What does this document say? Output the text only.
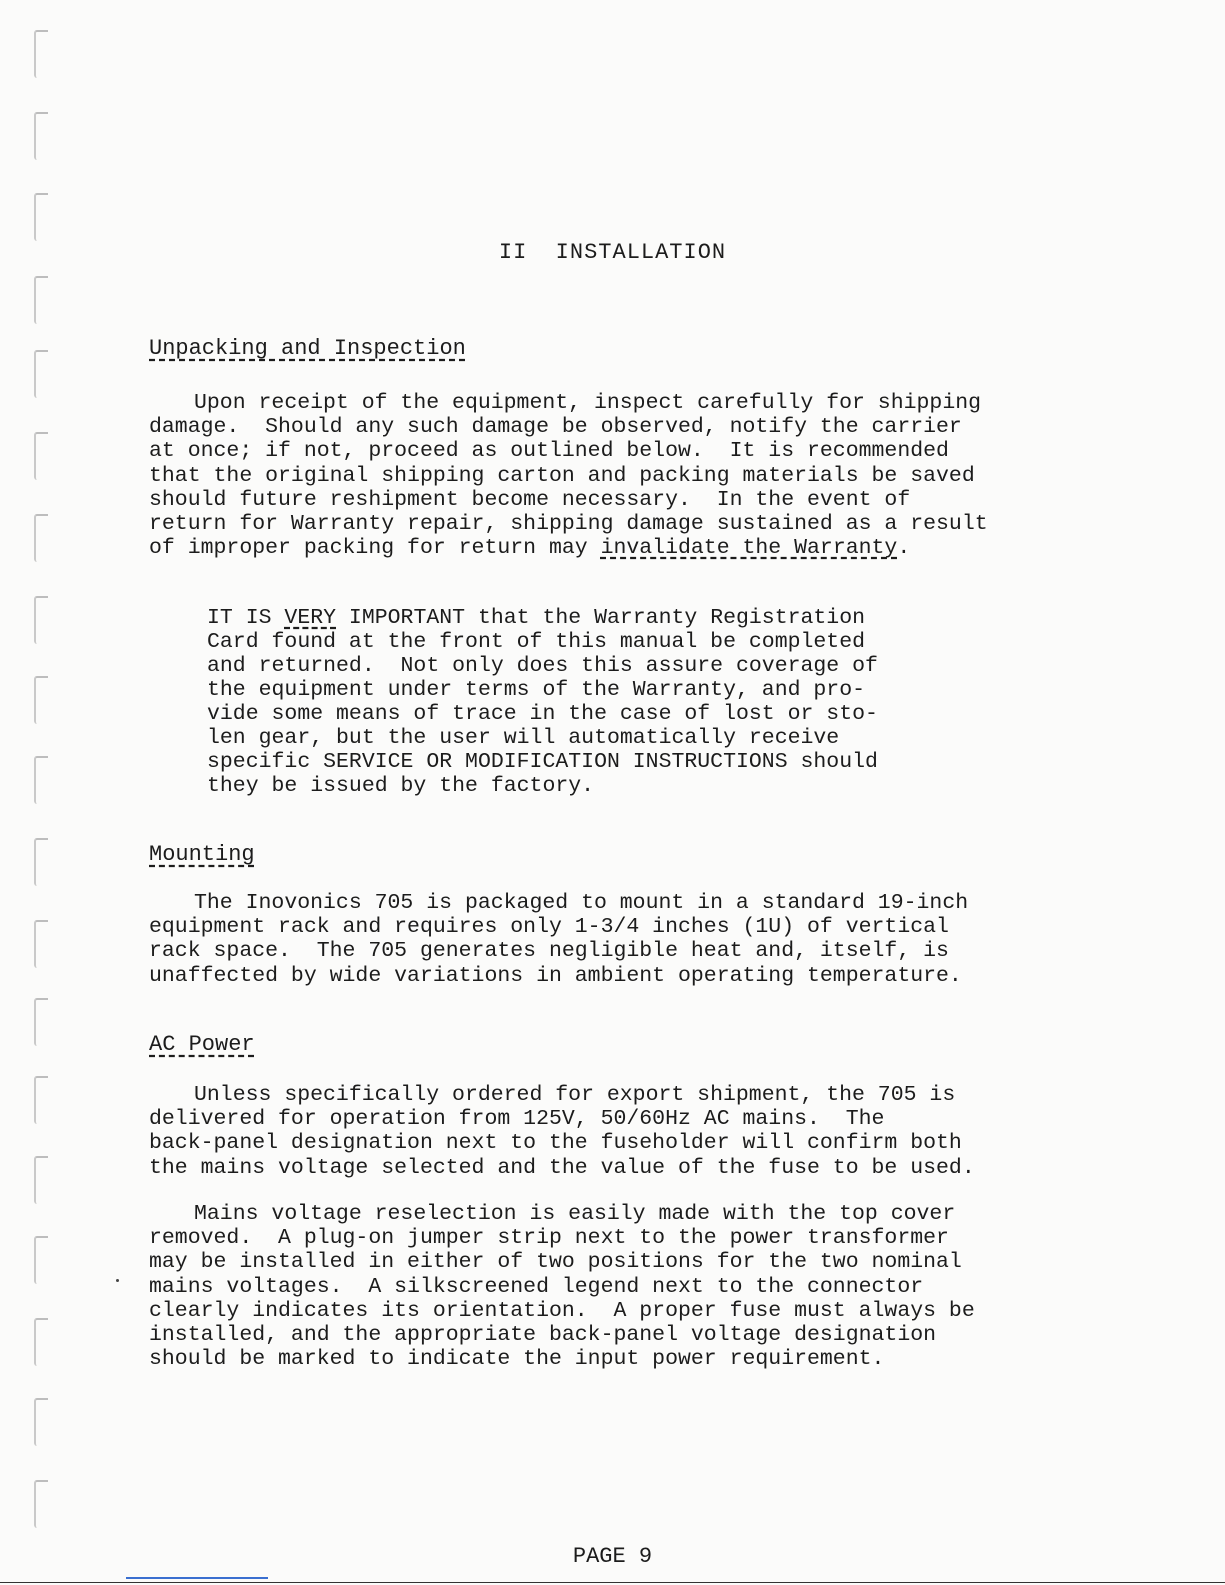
II  INSTALLATION
Unpacking and Inspection
Upon receipt of the equipment, inspect carefully for shipping
damage.  Should any such damage be observed, notify the carrier
at once; if not, proceed as outlined below.  It is recommended
that the original shipping carton and packing materials be saved
should future reshipment become necessary.  In the event of
return for Warranty repair, shipping damage sustained as a result
of improper packing for return may invalidate the Warranty.
IT IS VERY IMPORTANT that the Warranty Registration
Card found at the front of this manual be completed
and returned.  Not only does this assure coverage of
the equipment under terms of the Warranty, and pro-
vide some means of trace in the case of lost or sto-
len gear, but the user will automatically receive
specific SERVICE OR MODIFICATION INSTRUCTIONS should
they be issued by the factory.
Mounting
The Inovonics 705 is packaged to mount in a standard 19-inch
equipment rack and requires only 1-3/4 inches (1U) of vertical
rack space.  The 705 generates negligible heat and, itself, is
unaffected by wide variations in ambient operating temperature.
AC Power
Unless specifically ordered for export shipment, the 705 is
delivered for operation from 125V, 50/60Hz AC mains.  The
back-panel designation next to the fuseholder will confirm both
the mains voltage selected and the value of the fuse to be used.
Mains voltage reselection is easily made with the top cover
removed.  A plug-on jumper strip next to the power transformer
may be installed in either of two positions for the two nominal
mains voltages.  A silkscreened legend next to the connector
clearly indicates its orientation.  A proper fuse must always be
installed, and the appropriate back-panel voltage designation
should be marked to indicate the input power requirement.
PAGE 9
